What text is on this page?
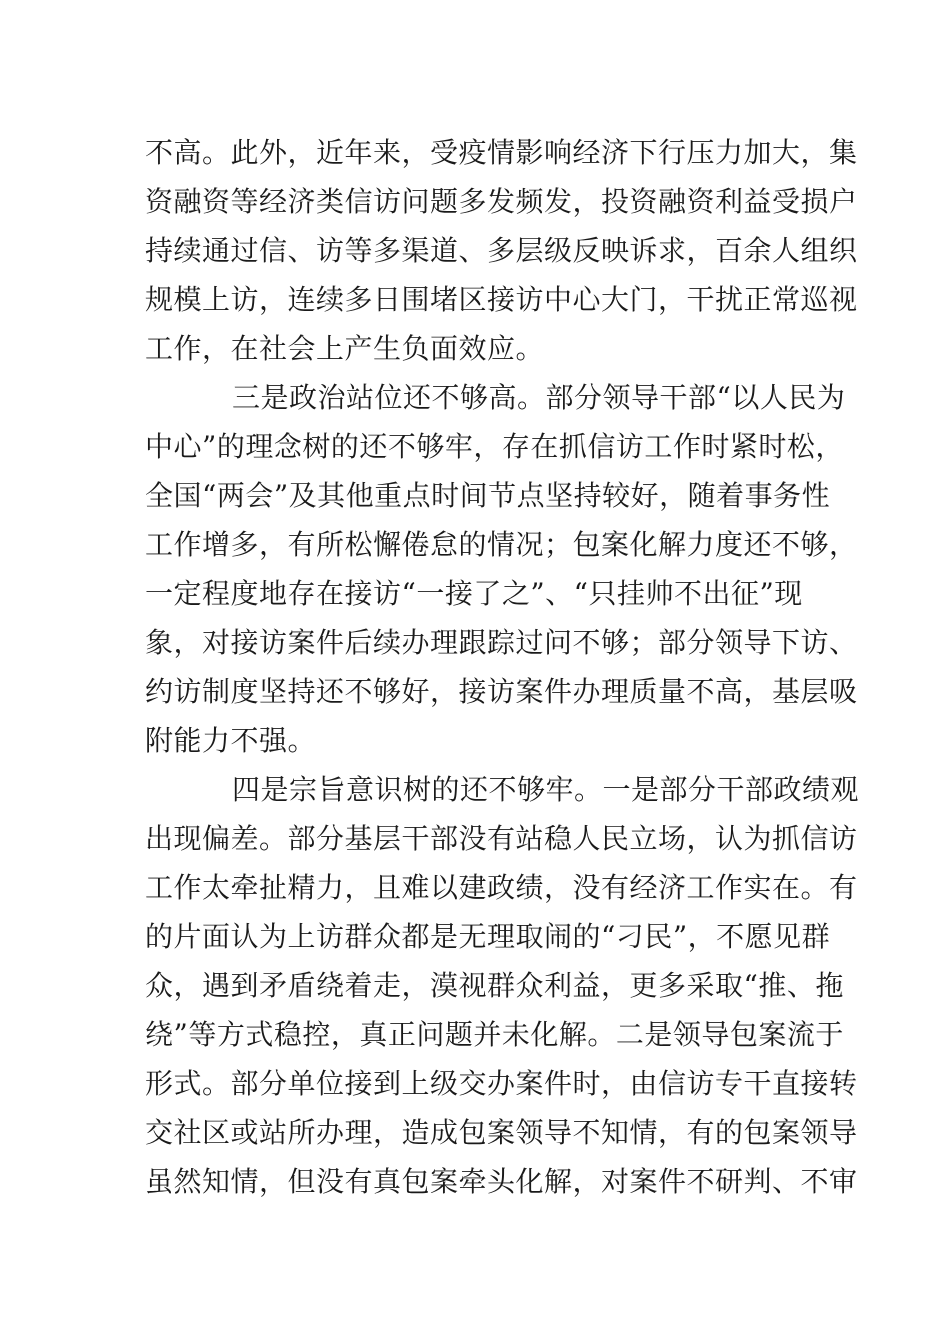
不高。此外，近年来，受疫情影响经济下行压力加大，集
资融资等经济类信访问题多发频发，投资融资利益受损户
持续通过信、访等多渠道、多层级反映诉求，百余人组织
规模上访，连续多日围堵区接访中心大门，干扰正常巡视
工作，在社会上产生负面效应。
三是政治站位还不够高。部分领导干部“以人民为
中心”的理念树的还不够牢，存在抓信访工作时紧时松，
全国“两会”及其他重点时间节点坚持较好，随着事务性
工作增多，有所松懈倦怠的情况；包案化解力度还不够，
一定程度地存在接访“一接了之”、“只挂帅不出征”现
象，对接访案件后续办理跟踪过问不够；部分领导下访、
约访制度坚持还不够好，接访案件办理质量不高，基层吸
附能力不强。
四是宗旨意识树的还不够牢。一是部分干部政绩观
出现偏差。部分基层干部没有站稳人民立场，认为抓信访
工作太牵扯精力，且难以建政绩，没有经济工作实在。有
的片面认为上访群众都是无理取闹的“刁民”，不愿见群
众，遇到矛盾绕着走，漠视群众利益，更多采取“推、拖
绕”等方式稳控，真正问题并未化解。二是领导包案流于
形式。部分单位接到上级交办案件时，由信访专干直接转
交社区或站所办理，造成包案领导不知情，有的包案领导
虽然知情，但没有真包案牵头化解，对案件不研判、不审
